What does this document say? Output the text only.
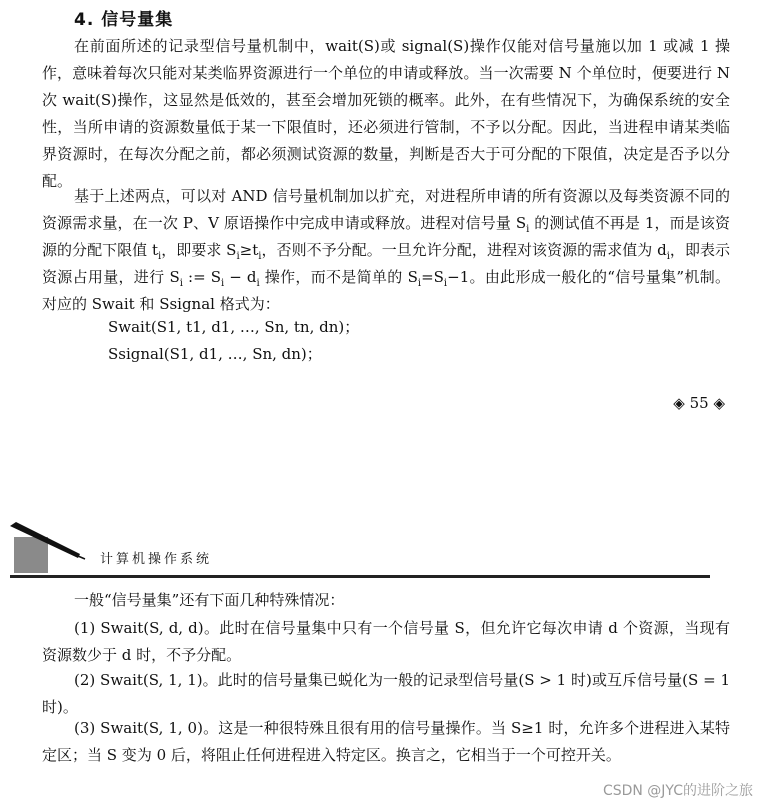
4. 信号量集

在前面所述的记录型信号量机制中，wait(S)或 signal(S)操作仅能对信号量施以加 1 或减 1 操作，意味着每次只能对某类临界资源进行一个单位的申请或释放。当一次需要 N 个单位时，便要进行 N 次 wait(S)操作，这显然是低效的，甚至会增加死锁的概率。此外，在有些情况下，为确保系统的安全性，当所申请的资源数量低于某一下限值时，还必须进行管制，不予以分配。因此，当进程申请某类临界资源时，在每次分配之前，都必须测试资源的数量，判断是否大于可分配的下限值，决定是否予以分配。

基于上述两点，可以对 AND 信号量机制加以扩充，对进程所申请的所有资源以及每类资源不同的资源需求量，在一次 P、V 原语操作中完成申请或释放。进程对信号量 $S_i$ 的测试值不再是 1，而是该资源的分配下限值 $t_i$，即要求 $S_i\ge t_i$，否则不予分配。一旦允许分配，进程对该资源的需求值为 $d_i$，即表示资源占用量，进行 $S_i$ := $S_i - d_i$ 操作，而不是简单的 $S_i=S_i-1$。由此形成一般化的“信号量集”机制。对应的 Swait 和 Ssignal 格式为：

Swait(S1, t1, d1, …, Sn, tn, dn)；
Ssignal(S1, d1, …, Sn, dn)；
◈ 55 ◈
计算机操作系统

一般“信号量集”还有下面几种特殊情况：

(1) Swait(S, d, d)。此时在信号量集中只有一个信号量 S，但允许它每次申请 d 个资源，当现有资源数少于 d 时，不予分配。

(2) Swait(S, 1, 1)。此时的信号量集已蜕化为一般的记录型信号量(S > 1 时)或互斥信号量(S = 1 时)。

(3) Swait(S, 1, 0)。这是一种很特殊且很有用的信号量操作。当 S≥1 时，允许多个进程进入某特定区；当 S 变为 0 后，将阻止任何进程进入特定区。换言之，它相当于一个可控开关。

CSDN @JYC的进阶之旅
